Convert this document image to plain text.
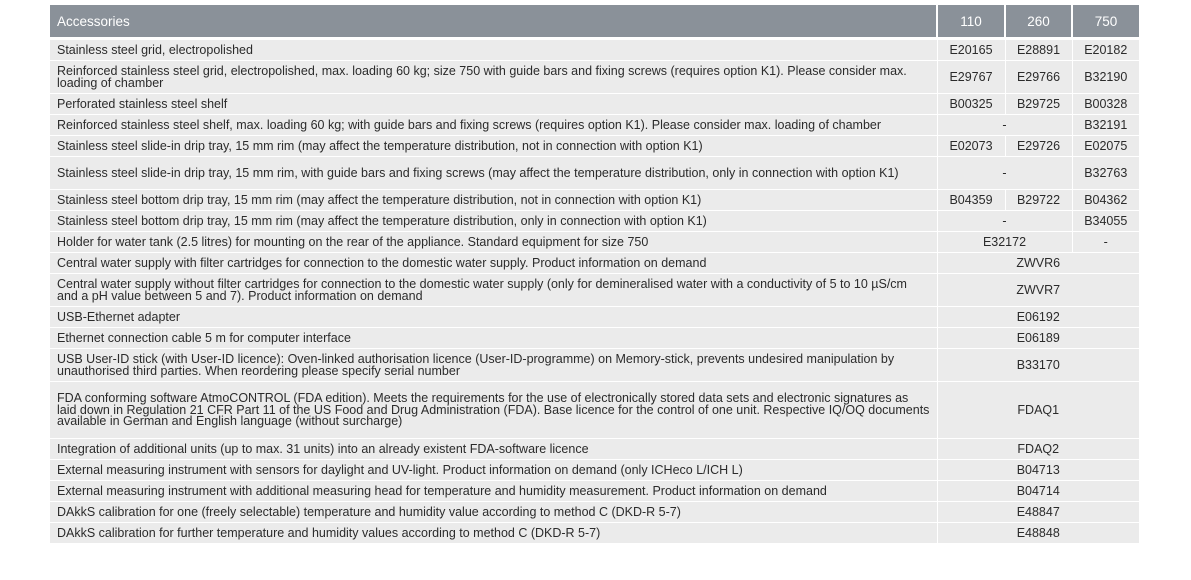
Accessories	110	260	750
Stainless steel grid, electropolished	E20165	E28891	E20182
Reinforced stainless steel grid, electropolished, max. loading 60 kg; size 750 with guide bars and fixing screws (requires option K1). Please consider max. loading of chamber	E29767	E29766	B32190
Perforated stainless steel shelf	B00325	B29725	B00328
Reinforced stainless steel shelf, max. loading 60 kg; with guide bars and fixing screws (requires option K1). Please consider max. loading of chamber	-		B32191
Stainless steel slide-in drip tray, 15 mm rim (may affect the temperature distribution, not in connection with option K1)	E02073	E29726	E02075
Stainless steel slide-in drip tray, 15 mm rim, with guide bars and fixing screws (may affect the temperature distribution, only in connection with option K1)	-		B32763
Stainless steel bottom drip tray, 15 mm rim (may affect the temperature distribution, not in connection with option K1)	B04359	B29722	B04362
Stainless steel bottom drip tray, 15 mm rim (may affect the temperature distribution, only in connection with option K1)	-		B34055
Holder for water tank (2.5 litres) for mounting on the rear of the appliance. Standard equipment for size 750	E32172		-
Central water supply with filter cartridges for connection to the domestic water supply. Product information on demand	ZWVR6		
Central water supply without filter cartridges for connection to the domestic water supply (only for demineralised water with a conductivity of 5 to 10 µS/cm and a pH value between 5 and 7). Product information on demand	ZWVR7		
USB-Ethernet adapter	E06192		
Ethernet connection cable 5 m for computer interface	E06189		
USB User-ID stick (with User-ID licence): Oven-linked authorisation licence (User-ID-programme) on Memory-stick, prevents undesired manipulation by unauthorised third parties. When reordering please specify serial number	B33170		
FDA conforming software AtmoCONTROL (FDA edition). Meets the requirements for the use of electronically stored data sets and electronic signatures as laid down in Regulation 21 CFR Part 11 of the US Food and Drug Administration (FDA). Base licence for the control of one unit. Respective IQ/OQ documents available in German and English language (without surcharge)	FDAQ1		
Integration of additional units (up to max. 31 units) into an already existent FDA-software licence	FDAQ2		
External measuring instrument with sensors for daylight and UV-light. Product information on demand (only ICHeco L/ICH L)	B04713		
External measuring instrument with additional measuring head for temperature and humidity measurement. Product information on demand	B04714		
DAkkS calibration for one (freely selectable) temperature and humidity value according to method C (DKD-R 5-7)	E48847		
DAkkS calibration for further temperature and humidity values according to method C (DKD-R 5-7)	E48848		
